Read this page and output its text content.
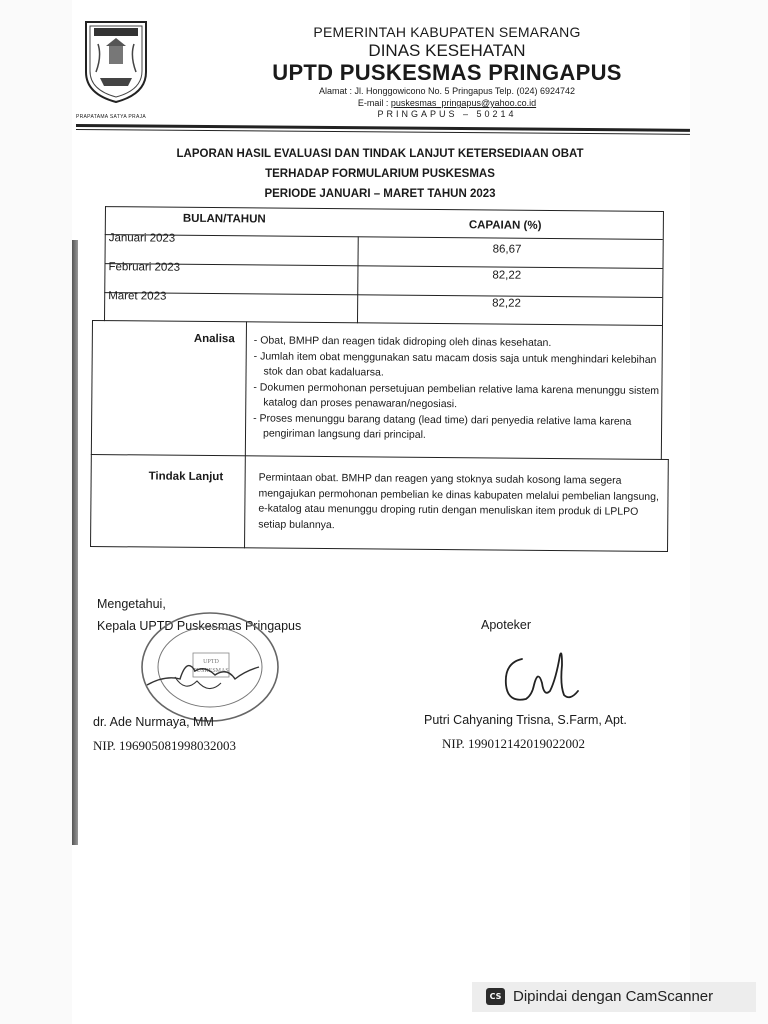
PRAPATAMA SATYA PRAJA
PEMERINTAH KABUPATEN SEMARANG
DINAS KESEHATAN
UPTD PUSKESMAS PRINGAPUS
Alamat : Jl. Honggowicono No. 5 Pringapus Telp. (024) 6924742
E-mail : puskesmas_pringapus@yahoo.co.id
PRINGAPUS – 50214
LAPORAN HASIL EVALUASI DAN TINDAK LANJUT KETERSEDIAAN OBAT
TERHADAP FORMULARIUM PUSKESMAS
PERIODE JANUARI – MARET TAHUN 2023
BULAN/TAHUN
CAPAIAN (%)
Januari 2023
86,67
Februari 2023
82,22
Maret 2023
82,22
Analisa - Obat, BMHP dan reagen tidak didroping oleh dinas kesehatan.
- Jumlah item obat menggunakan satu macam dosis saja untuk menghindari kelebihan stok dan obat kadaluarsa.
- Dokumen permohonan persetujuan pembelian relative lama karena menunggu sistem katalog dan proses penawaran/negosiasi.
- Proses menunggu barang datang (lead time) dari penyedia relative lama karena pengiriman langsung dari principal.
Tindak Lanjut	Permintaan obat. BMHP dan reagen yang stoknya sudah kosong lama segera mengajukan permohonan pembelian ke dinas kabupaten melalui pembelian langsung, e-katalog atau menunggu droping rutin dengan menuliskan item produk di LPLPO setiap bulannya.
Mengetahui,
Kepala UPTD Puskesmas Pringapus
UPTD
PUSKESMAS
dr. Ade Nurmaya, MM
NIP. 196905081998032003
Apoteker
Putri Cahyaning Trisna, S.Farm, Apt.
NIP. 199012142019022002
CS Dipindai dengan CamScanner
